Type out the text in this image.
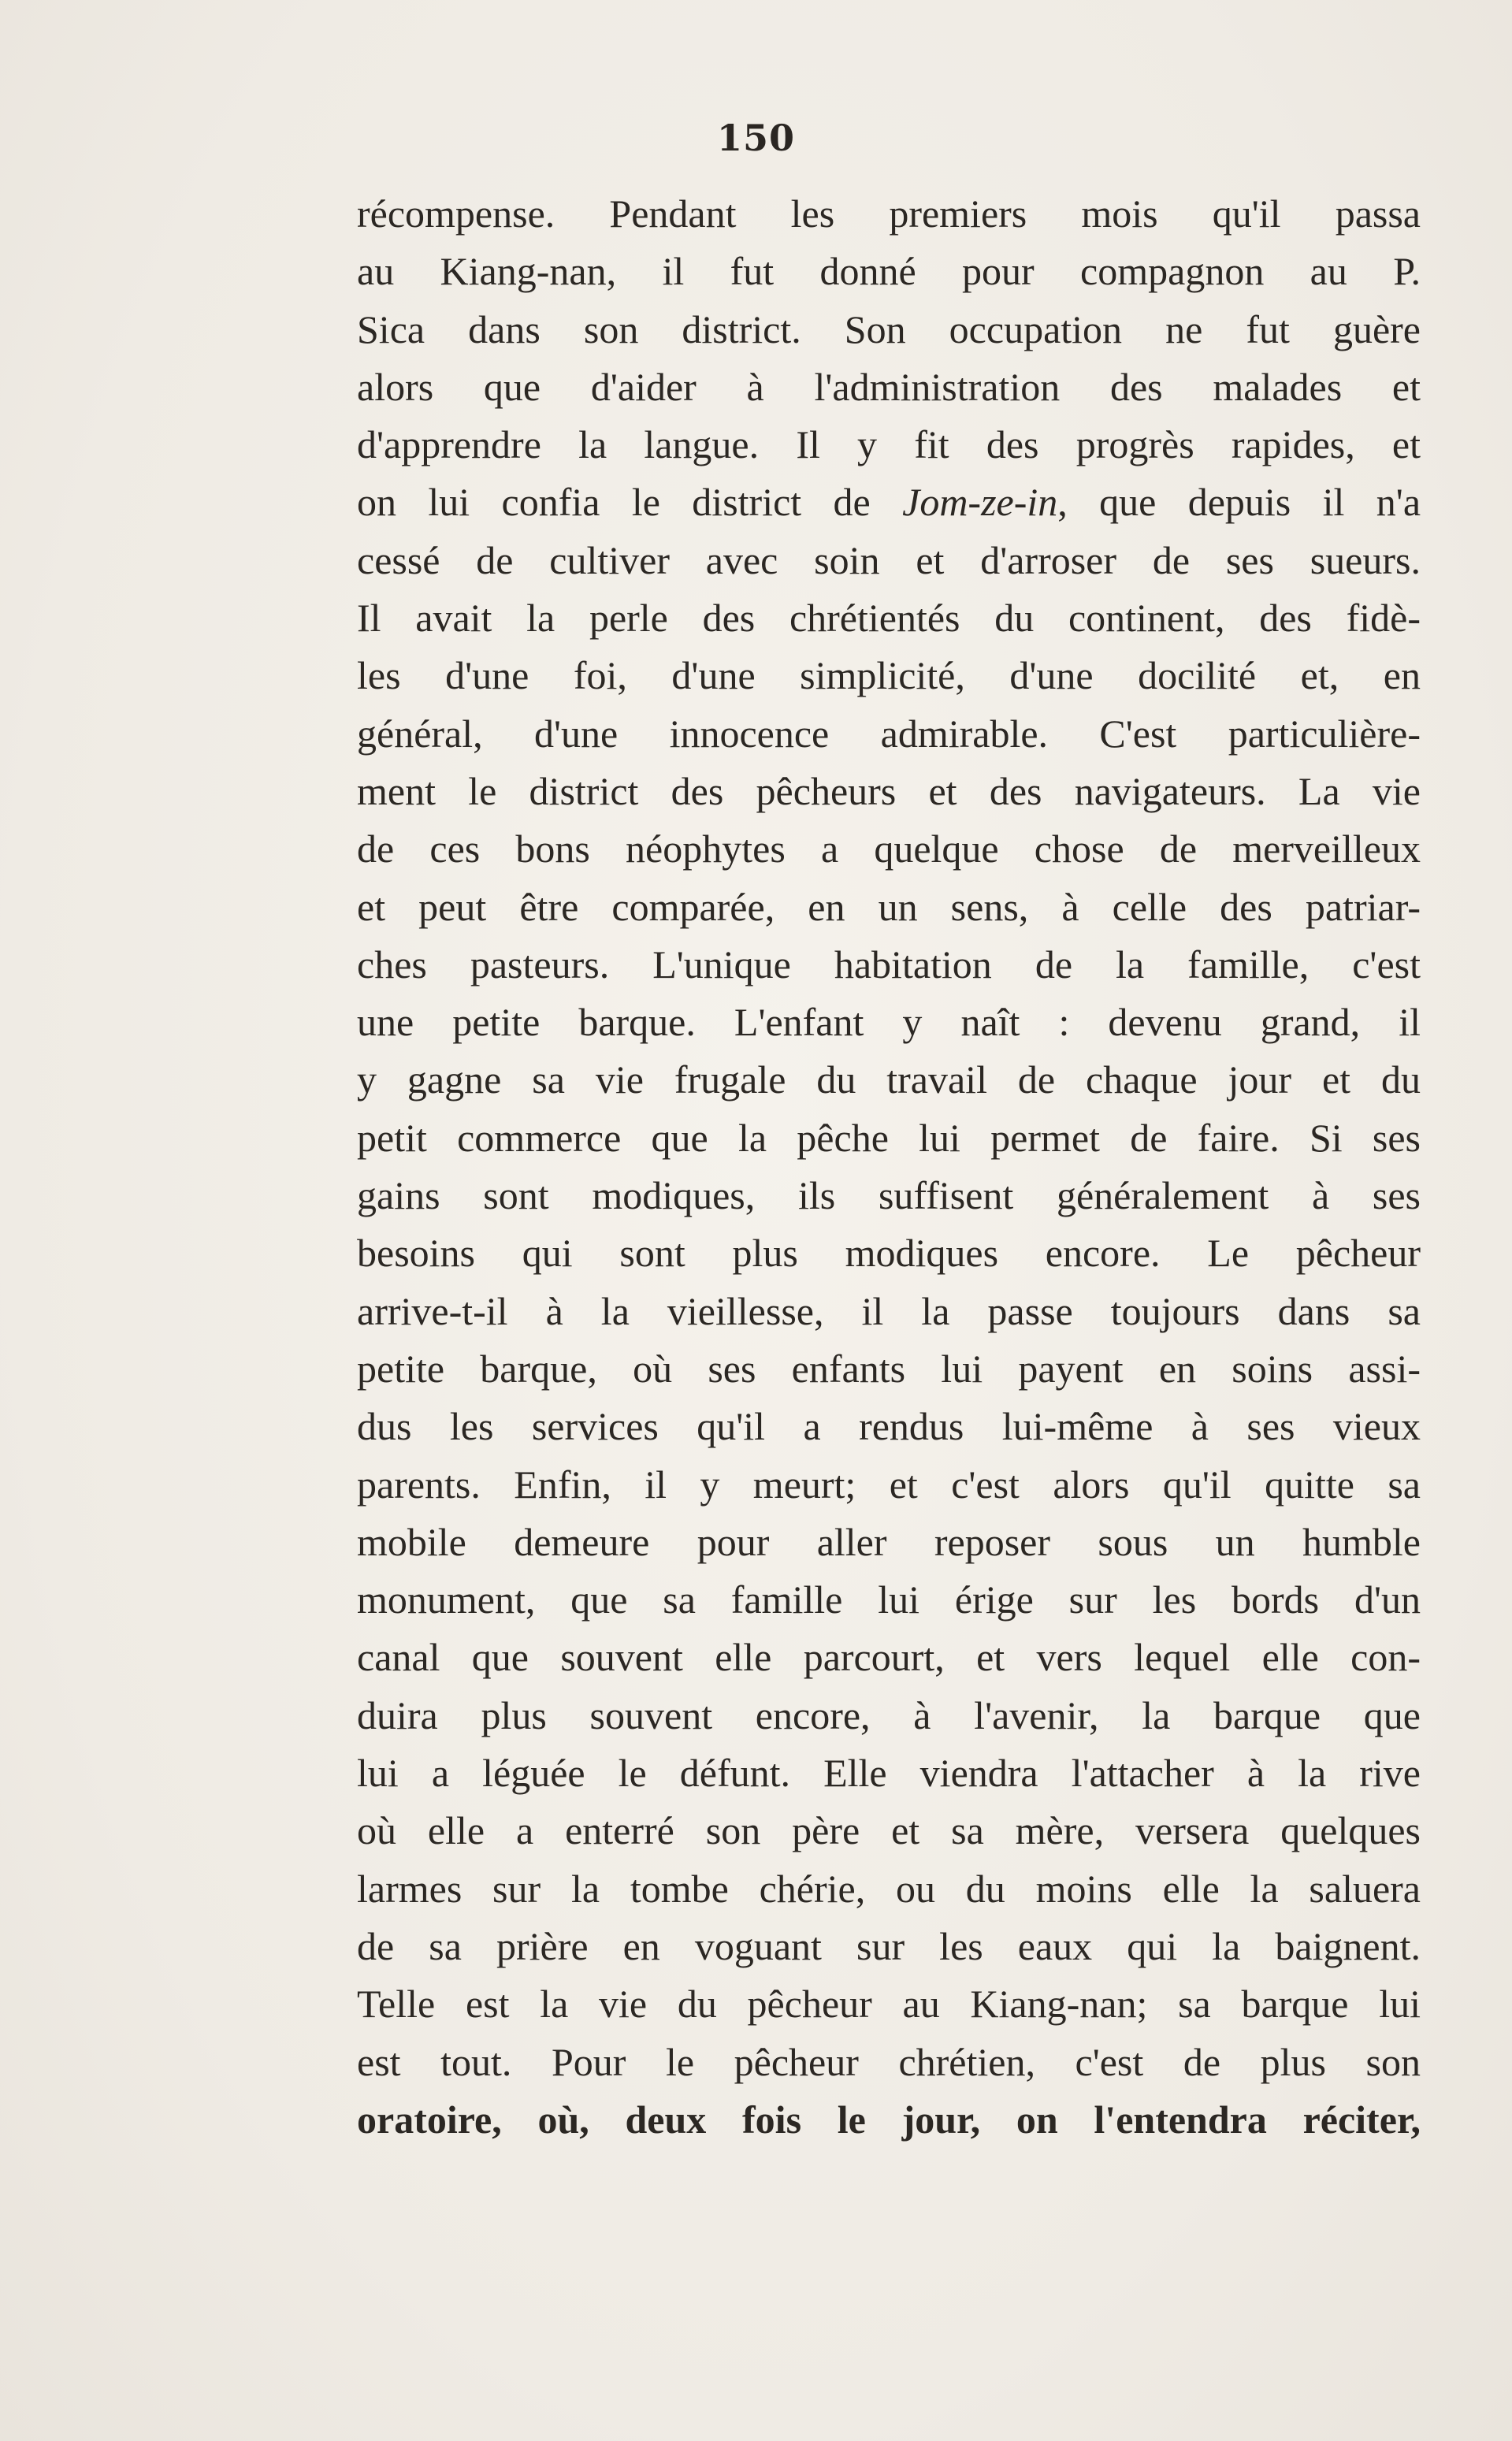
150
récompense. Pendant les premiers mois qu'il passa
au Kiang-nan, il fut donné pour compagnon au P.
Sica dans son district. Son occupation ne fut guère
alors que d'aider à l'administration des malades et
d'apprendre la langue. Il y fit des progrès rapides, et
on lui confia le district de Jom-ze-in, que depuis il n'a
cessé de cultiver avec soin et d'arroser de ses sueurs.
Il avait la perle des chrétientés du continent, des fidè-
les d'une foi, d'une simplicité, d'une docilité et, en
général, d'une innocence admirable. C'est particulière-
ment le district des pêcheurs et des navigateurs. La vie
de ces bons néophytes a quelque chose de merveilleux
et peut être comparée, en un sens, à celle des patriar-
ches pasteurs. L'unique habitation de la famille, c'est
une petite barque. L'enfant y naît : devenu grand, il
y gagne sa vie frugale du travail de chaque jour et du
petit commerce que la pêche lui permet de faire. Si ses
gains sont modiques, ils suffisent généralement à ses
besoins qui sont plus modiques encore. Le pêcheur
arrive-t-il à la vieillesse, il la passe toujours dans sa
petite barque, où ses enfants lui payent en soins assi-
dus les services qu'il a rendus lui-même à ses vieux
parents. Enfin, il y meurt; et c'est alors qu'il quitte sa
mobile demeure pour aller reposer sous un humble
monument, que sa famille lui érige sur les bords d'un
canal que souvent elle parcourt, et vers lequel elle con-
duira plus souvent encore, à l'avenir, la barque que
lui a léguée le défunt. Elle viendra l'attacher à la rive
où elle a enterré son père et sa mère, versera quelques
larmes sur la tombe chérie, ou du moins elle la saluera
de sa prière en voguant sur les eaux qui la baignent.
Telle est la vie du pêcheur au Kiang-nan; sa barque lui
est tout. Pour le pêcheur chrétien, c'est de plus son
oratoire, où, deux fois le jour, on l'entendra réciter,
